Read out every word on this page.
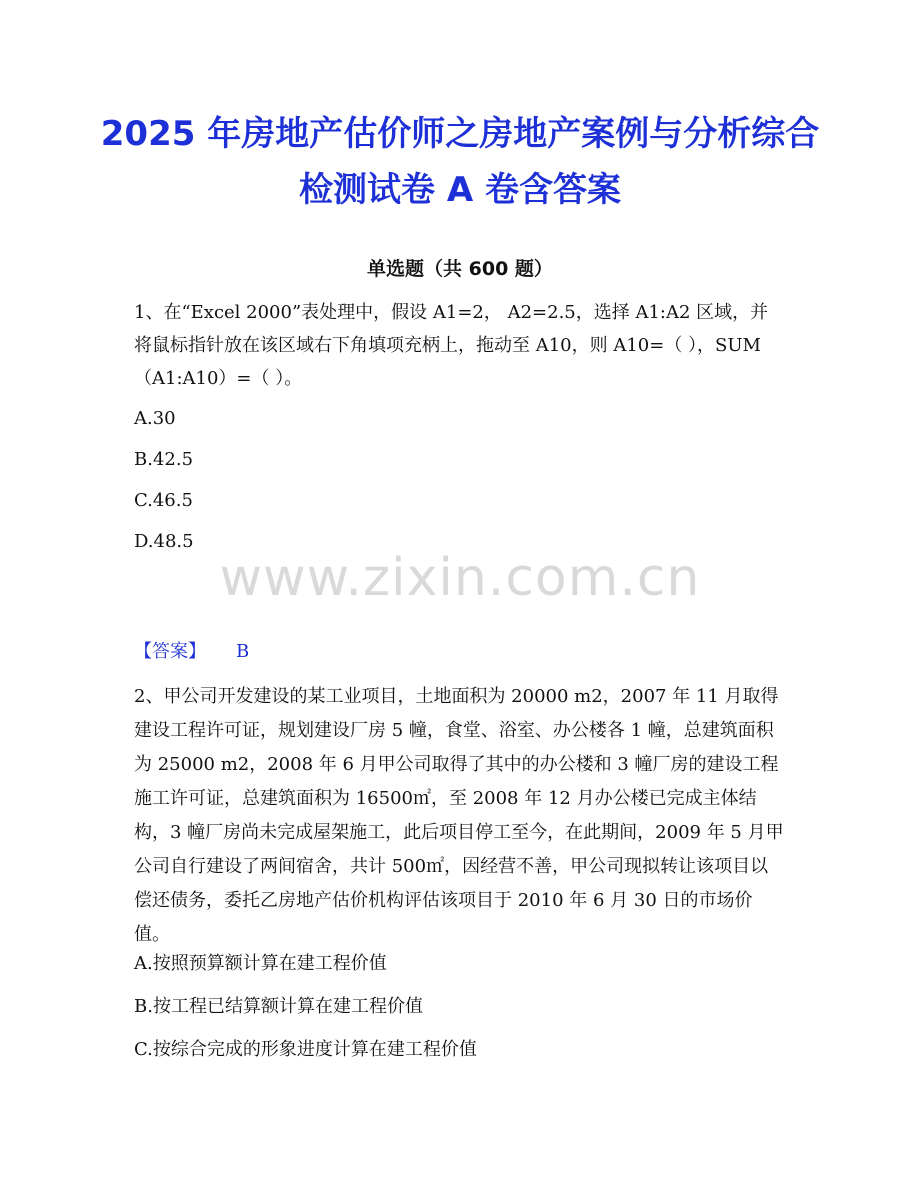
2025 年房地产估价师之房地产案例与分析综合检测试卷 A 卷含答案
单选题（共 600 题）
1、在“Excel 2000”表处理中，假设 A1=2， A2=2.5，选择 A1:A2 区域，并将鼠标指针放在该区域右下角填项充柄上，拖动至 A10，则 A10=（ ），SUM（A1:A10）=（ ）。
A.30
B.42.5
C.46.5
D.48.5
www.zixin.com.cn
【答案】 B
2、甲公司开发建设的某工业项目，土地面积为 20000 m2，2007 年 11 月取得建设工程许可证，规划建设厂房 5 幢，食堂、浴室、办公楼各 1 幢，总建筑面积为 25000 m2，2008 年 6 月甲公司取得了其中的办公楼和 3 幢厂房的建设工程施工许可证，总建筑面积为 16500㎡，至 2008 年 12 月办公楼已完成主体结构，3 幢厂房尚未完成屋架施工，此后项目停工至今，在此期间，2009 年 5 月甲公司自行建设了两间宿舍，共计 500㎡，因经营不善，甲公司现拟转让该项目以偿还债务，委托乙房地产估价机构评估该项目于 2010 年 6 月 30 日的市场价值。
A.按照预算额计算在建工程价值
B.按工程已结算额计算在建工程价值
C.按综合完成的形象进度计算在建工程价值
